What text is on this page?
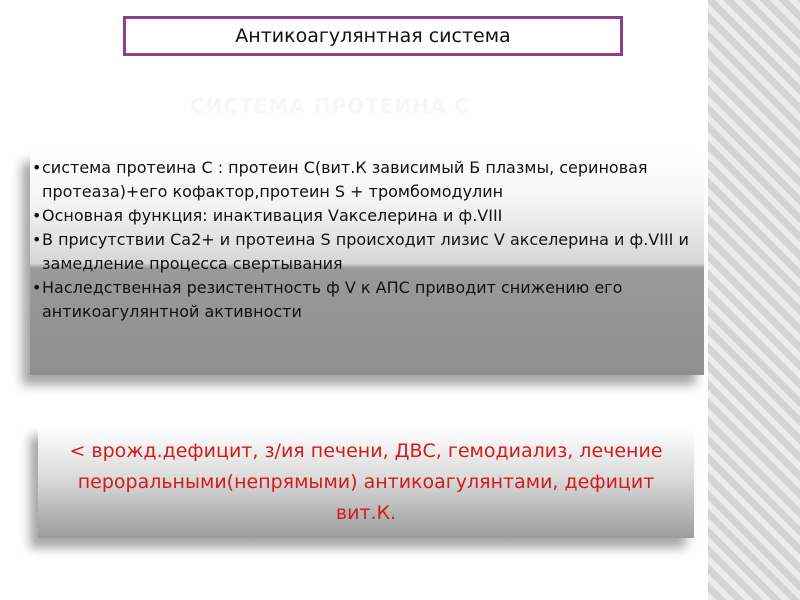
Антикоагулянтная система
СИСТЕМА ПРОТЕИНА С
• система протеина С : протеин С(вит.К зависимый Б плазмы, сериновая протеаза)+его кофактор,протеин S + тромбомодулин
• Основная функция: инактивация Vакселерина и ф.VIII
• В присутствии Са2+ и протеина S происходит лизис V акселерина и ф.VIII и замедление процесса свертывания
• Наследственная резистентность ф V к АПС приводит снижению его антикоагулянтной активности
< врожд.дефицит, з/ия печени, ДВС, гемодиализ, лечение пероральными(непрямыми) антикоагулянтами, дефицит вит.К.
